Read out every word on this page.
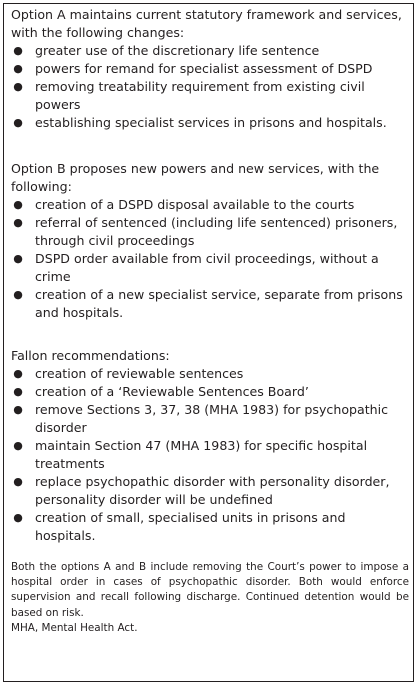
Option A maintains current statutory framework and services, with the following changes:

● greater use of the discretionary life sentence
● powers for remand for specialist assessment of DSPD
● removing treatability requirement from existing civil powers
● establishing specialist services in prisons and hospitals.

Option B proposes new powers and new services, with the following:

● creation of a DSPD disposal available to the courts
● referral of sentenced (including life sentenced) prisoners, through civil proceedings
● DSPD order available from civil proceedings, without a crime
● creation of a new specialist service, separate from prisons and hospitals.

Fallon recommendations:

● creation of reviewable sentences
● creation of a ‘Reviewable Sentences Board’
● remove Sections 3, 37, 38 (MHA 1983) for psychopathic disorder
● maintain Section 47 (MHA 1983) for specific hospital treatments
● replace psychopathic disorder with personality disorder, personality disorder will be undefined
● creation of small, specialised units in prisons and hospitals.

Both the options A and B include removing the Court’s power to impose a hospital order in cases of psychopathic disorder. Both would enforce supervision and recall following discharge. Continued detention would be based on risk.

MHA, Mental Health Act.
